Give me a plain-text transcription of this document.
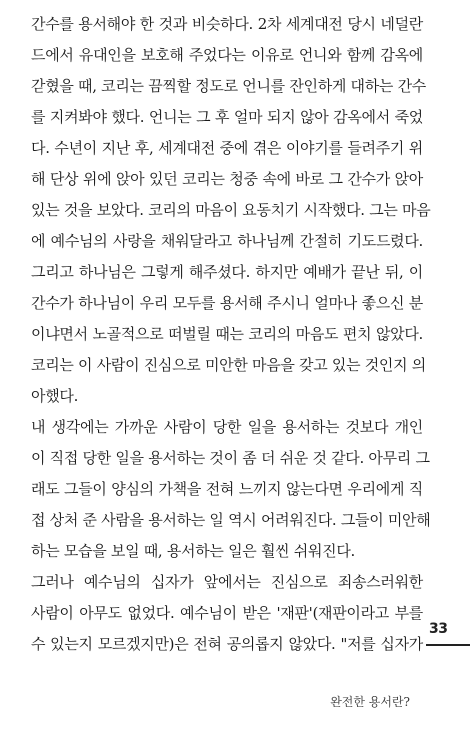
간수를 용서해야 한 것과 비슷하다. 2차 세계대전 당시 네덜란
드에서 유대인을 보호해 주었다는 이유로 언니와 함께 감옥에
갇혔을 때, 코리는 끔찍할 정도로 언니를 잔인하게 대하는 간수
를 지켜봐야 했다. 언니는 그 후 얼마 되지 않아 감옥에서 죽었
다. 수년이 지난 후, 세계대전 중에 겪은 이야기를 들려주기 위
해 단상 위에 앉아 있던 코리는 청중 속에 바로 그 간수가 앉아
있는 것을 보았다. 코리의 마음이 요동치기 시작했다. 그는 마음
에 예수님의 사랑을 채워달라고 하나님께 간절히 기도드렸다.
그리고 하나님은 그렇게 해주셨다. 하지만 예배가 끝난 뒤, 이
간수가 하나님이 우리 모두를 용서해 주시니 얼마나 좋으신 분
이냐면서 노골적으로 떠벌릴 때는 코리의 마음도 편치 않았다.
코리는 이 사람이 진심으로 미안한 마음을 갖고 있는 것인지 의
아했다.
내 생각에는 가까운 사람이 당한 일을 용서하는 것보다 개인
이 직접 당한 일을 용서하는 것이 좀 더 쉬운 것 같다. 아무리 그
래도 그들이 양심의 가책을 전혀 느끼지 않는다면 우리에게 직
접 상처 준 사람을 용서하는 일 역시 어려워진다. 그들이 미안해
하는 모습을 보일 때, 용서하는 일은 훨씬 쉬워진다.
그러나 예수님의 십자가 앞에서는 진심으로 죄송스러워한
사람이 아무도 없었다. 예수님이 받은 '재판'(재판이라고 부를
수 있는지 모르겠지만)은 전혀 공의롭지 않았다. "저를 십자가
33
완전한 용서란?
